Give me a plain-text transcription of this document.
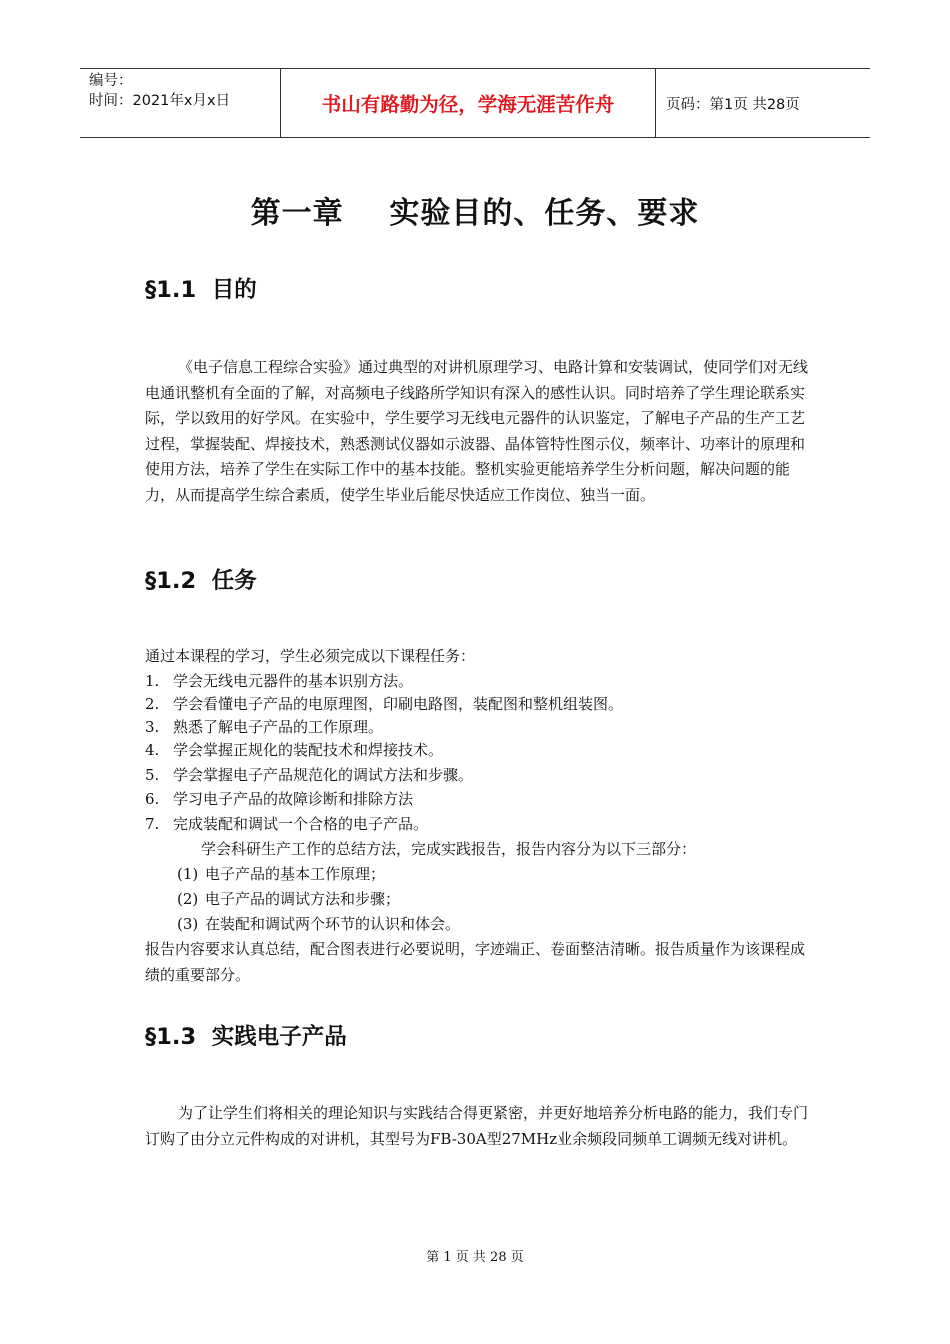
编号：
时间：2021年x月x日	书山有路勤为径，学海无涯苦作舟	页码：第1页 共28页
第一章    实验目的、任务、要求
§1.1  目的
《电子信息工程综合实验》通过典型的对讲机原理学习、电路计算和安装调试，使同学们对无线电通讯整机有全面的了解，对高频电子线路所学知识有深入的感性认识。同时培养了学生理论联系实际，学以致用的好学风。在实验中，学生要学习无线电元器件的认识鉴定，了解电子产品的生产工艺过程，掌握装配、焊接技术，熟悉测试仪器如示波器、晶体管特性图示仪，频率计、功率计的原理和使用方法，培养了学生在实际工作中的基本技能。整机实验更能培养学生分析问题，解决问题的能力，从而提高学生综合素质，使学生毕业后能尽快适应工作岗位、独当一面。
§1.2  任务
通过本课程的学习，学生必须完成以下课程任务：
1. 学会无线电元器件的基本识别方法。
2. 学会看懂电子产品的电原理图，印刷电路图，装配图和整机组装图。
3. 熟悉了解电子产品的工作原理。
4. 学会掌握正规化的装配技术和焊接技术。
5. 学会掌握电子产品规范化的调试方法和步骤。
6. 学习电子产品的故障诊断和排除方法
7. 完成装配和调试一个合格的电子产品。
学会科研生产工作的总结方法，完成实践报告，报告内容分为以下三部分：
(1) 电子产品的基本工作原理；
(2) 电子产品的调试方法和步骤；
(3) 在装配和调试两个环节的认识和体会。
报告内容要求认真总结，配合图表进行必要说明，字迹端正、卷面整洁清晰。报告质量作为该课程成绩的重要部分。
§1.3  实践电子产品
为了让学生们将相关的理论知识与实践结合得更紧密，并更好地培养分析电路的能力，我们专门订购了由分立元件构成的对讲机，其型号为FB-30A型27MHz业余频段同频单工调频无线对讲机。
第 1 页 共 28 页
